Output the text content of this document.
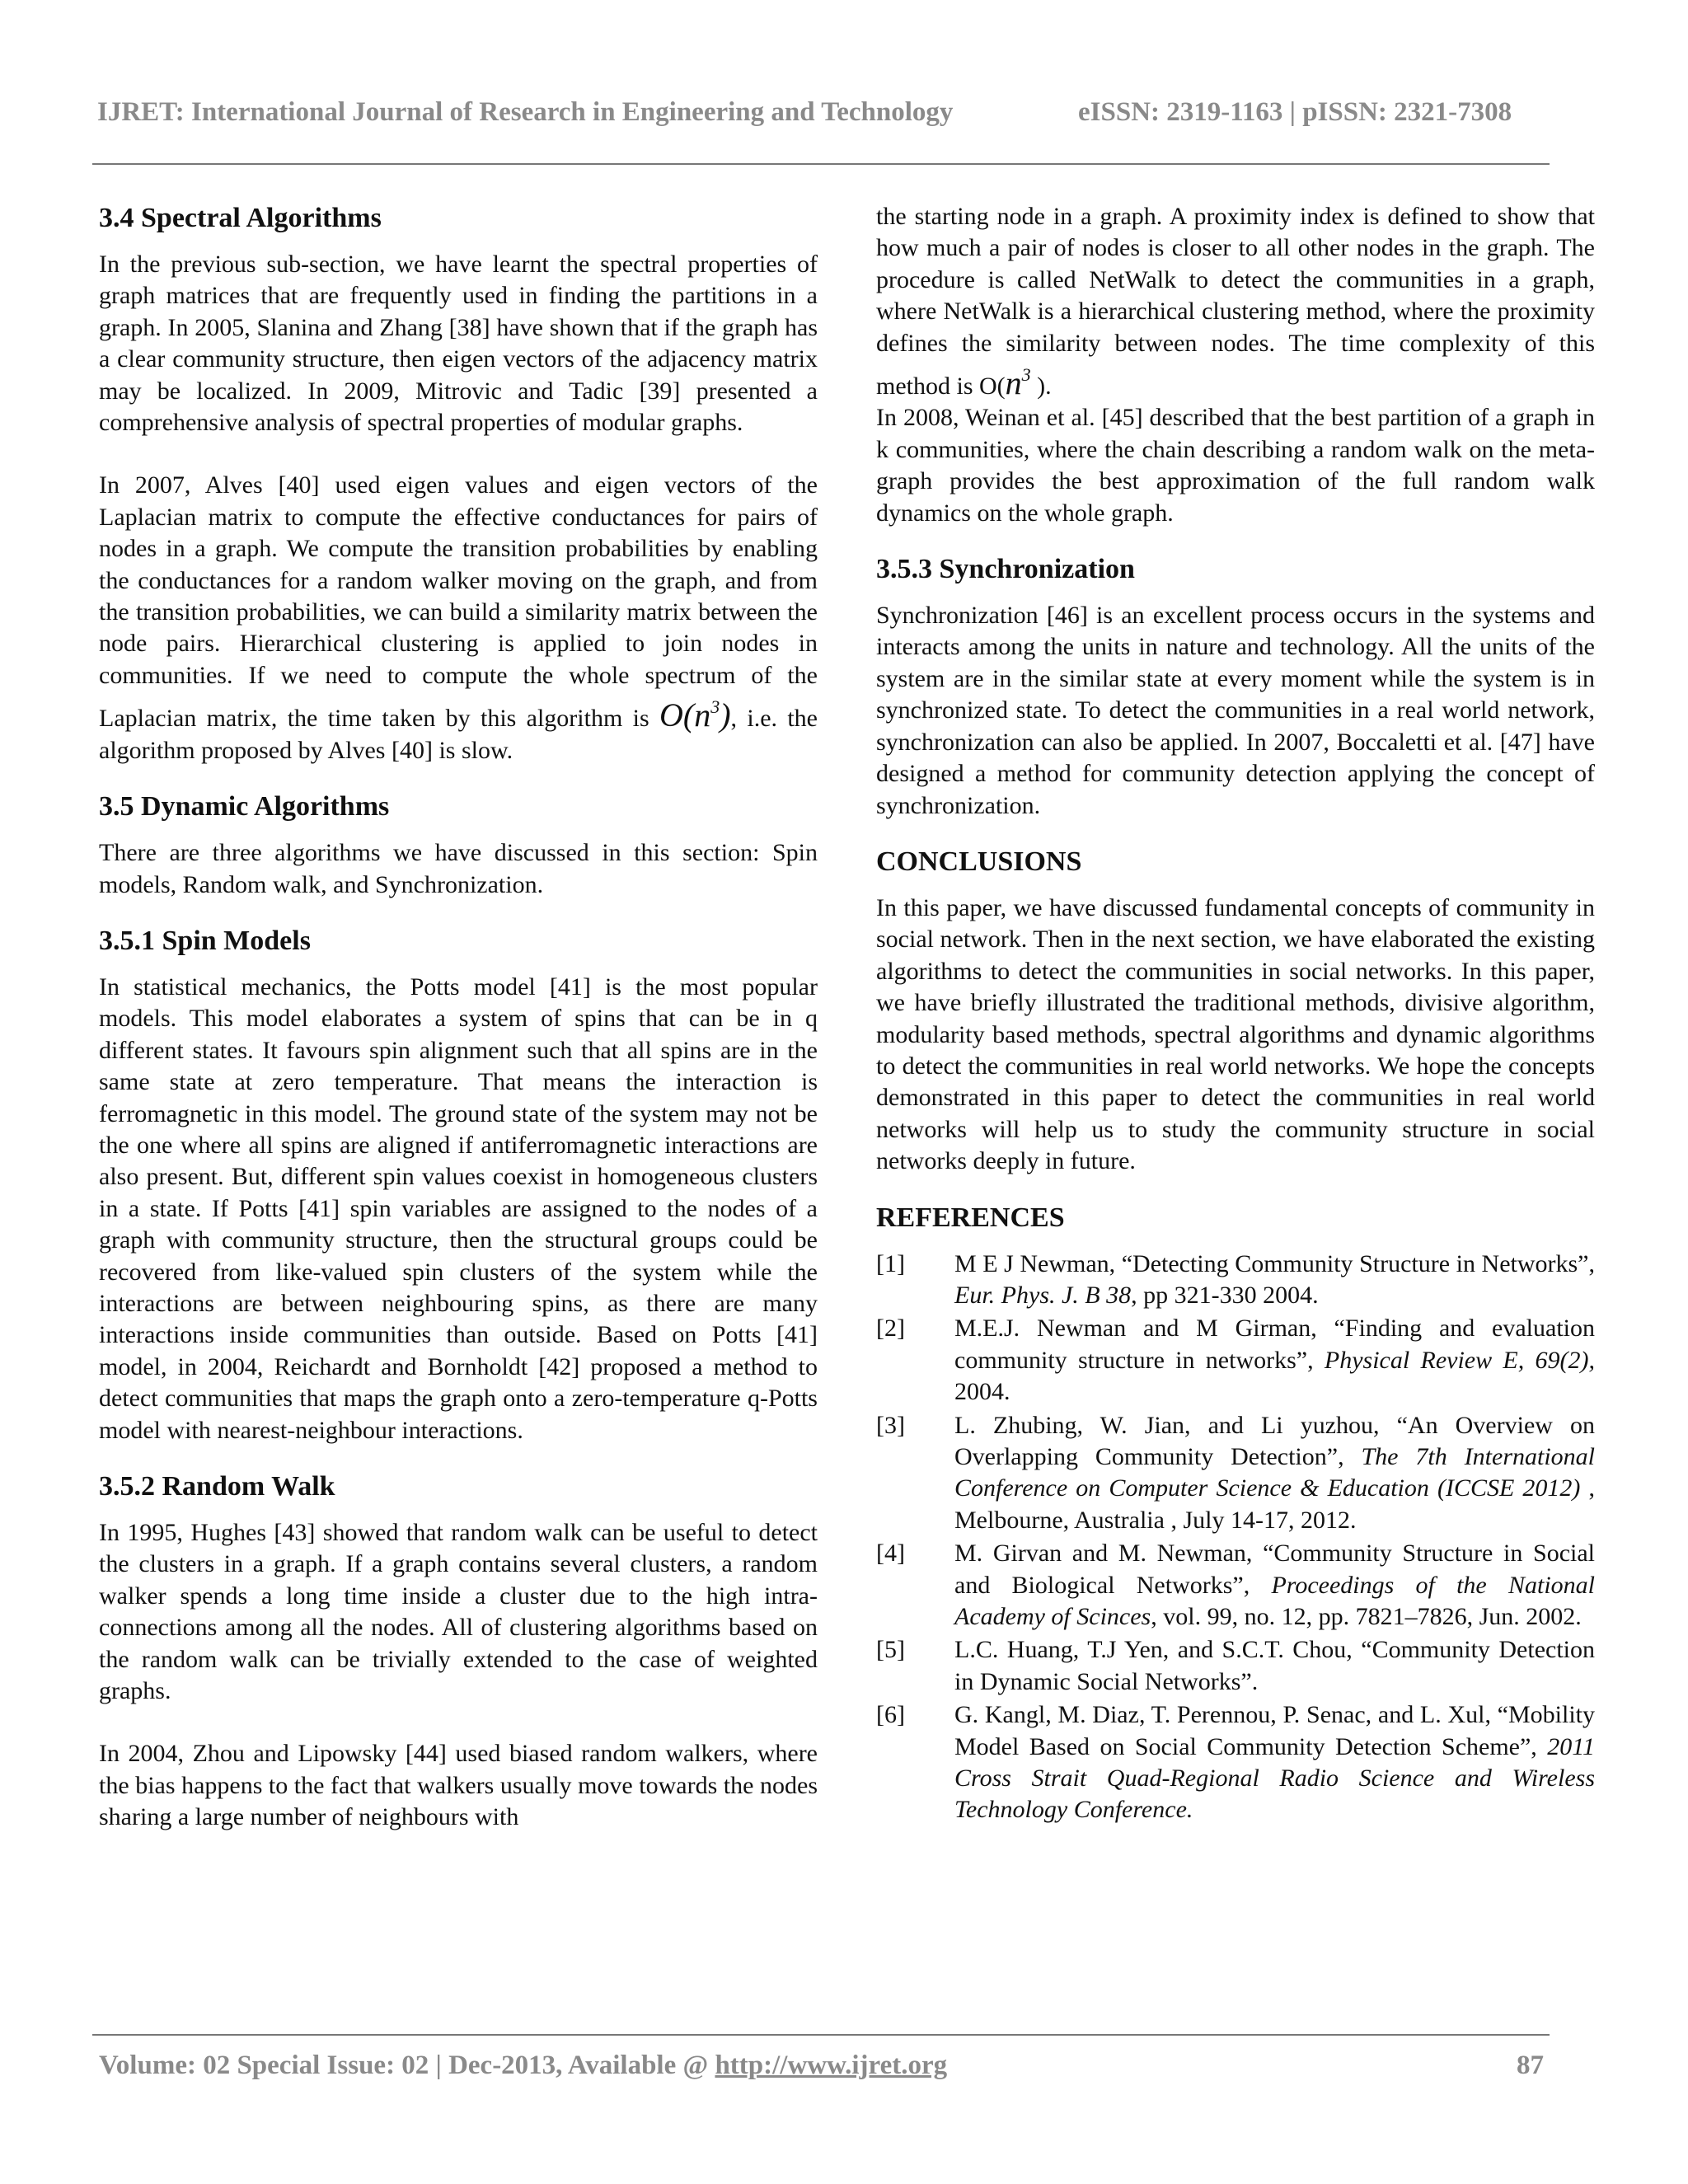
IJRET: International Journal of Research in Engineering and Technology	eISSN: 2319-1163 | pISSN: 2321-7308
3.4 Spectral Algorithms

In the previous sub-section, we have learnt the spectral properties of graph matrices that are frequently used in finding the partitions in a graph. In 2005, Slanina and Zhang [38] have shown that if the graph has a clear community structure, then eigen vectors of the adjacency matrix may be localized. In 2009, Mitrovic and Tadic [39] presented a comprehensive analysis of spectral properties of modular graphs.

In 2007, Alves [40] used eigen values and eigen vectors of the Laplacian matrix to compute the effective conductances for pairs of nodes in a graph. We compute the transition probabilities by enabling the conductances for a random walker moving on the graph, and from the transition probabilities, we can build a similarity matrix between the node pairs. Hierarchical clustering is applied to join nodes in communities. If we need to compute the whole spectrum of the Laplacian matrix, the time taken by this algorithm is $O(n^3)$, i.e. the algorithm proposed by Alves [40] is slow.

3.5 Dynamic Algorithms

There are three algorithms we have discussed in this section: Spin models, Random walk, and Synchronization.

3.5.1 Spin Models

In statistical mechanics, the Potts model [41] is the most popular models. This model elaborates a system of spins that can be in q different states. It favours spin alignment such that all spins are in the same state at zero temperature. That means the interaction is ferromagnetic in this model. The ground state of the system may not be the one where all spins are aligned if antiferromagnetic interactions are also present. But, different spin values coexist in homogeneous clusters in a state. If Potts [41] spin variables are assigned to the nodes of a graph with community structure, then the structural groups could be recovered from like-valued spin clusters of the system while the interactions are between neighbouring spins, as there are many interactions inside communities than outside. Based on Potts [41] model, in 2004, Reichardt and Bornholdt [42] proposed a method to detect communities that maps the graph onto a zero-temperature q-Potts model with nearest-neighbour interactions.

3.5.2 Random Walk

In 1995, Hughes [43] showed that random walk can be useful to detect the clusters in a graph. If a graph contains several clusters, a random walker spends a long time inside a cluster due to the high intra-connections among all the nodes. All of clustering algorithms based on the random walk can be trivially extended to the case of weighted graphs.

In 2004, Zhou and Lipowsky [44] used biased random walkers, where the bias happens to the fact that walkers usually move towards the nodes sharing a large number of neighbours with

the starting node in a graph. A proximity index is defined to show that how much a pair of nodes is closer to all other nodes in the graph. The procedure is called NetWalk to detect the communities in a graph, where NetWalk is a hierarchical clustering method, where the proximity defines the similarity between nodes. The time complexity of this method is $O(n^3$ ).

In 2008, Weinan et al. [45] described that the best partition of a graph in k communities, where the chain describing a random walk on the meta-graph provides the best approximation of the full random walk dynamics on the whole graph.

3.5.3 Synchronization

Synchronization [46] is an excellent process occurs in the systems and interacts among the units in nature and technology. All the units of the system are in the similar state at every moment while the system is in synchronized state. To detect the communities in a real world network, synchronization can also be applied. In 2007, Boccaletti et al. [47] have designed a method for community detection applying the concept of synchronization.

CONCLUSIONS

In this paper, we have discussed fundamental concepts of community in social network. Then in the next section, we have elaborated the existing algorithms to detect the communities in social networks. In this paper, we have briefly illustrated the traditional methods, divisive algorithm, modularity based methods, spectral algorithms and dynamic algorithms to detect the communities in real world networks. We hope the concepts demonstrated in this paper to detect the communities in real world networks will help us to study the community structure in social networks deeply in future.

REFERENCES
[1] M E J Newman, “Detecting Community Structure in Networks”, Eur. Phys. J. B 38, pp 321-330 2004.
[2] M.E.J. Newman and M Girman, “Finding and evaluation community structure in networks”, Physical Review E, 69(2), 2004.
[3] L. Zhubing, W. Jian, and Li yuzhou, “An Overview on Overlapping Community Detection”, The 7th International Conference on Computer Science & Education (ICCSE 2012) , Melbourne, Australia , July 14-17, 2012.
[4] M. Girvan and M. Newman, “Community Structure in Social and Biological Networks”, Proceedings of the National Academy of Scinces, vol. 99, no. 12, pp. 7821–7826, Jun. 2002.
[5] L.C. Huang, T.J Yen, and S.C.T. Chou, “Community Detection in Dynamic Social Networks”.
[6] G. Kangl, M. Diaz, T. Perennou, P. Senac, and L. Xul, “Mobility Model Based on Social Community Detection Scheme”, 2011 Cross Strait Quad-Regional Radio Science and Wireless Technology Conference.
Volume: 02 Special Issue: 02 | Dec-2013, Available @ http://www.ijret.org	87
